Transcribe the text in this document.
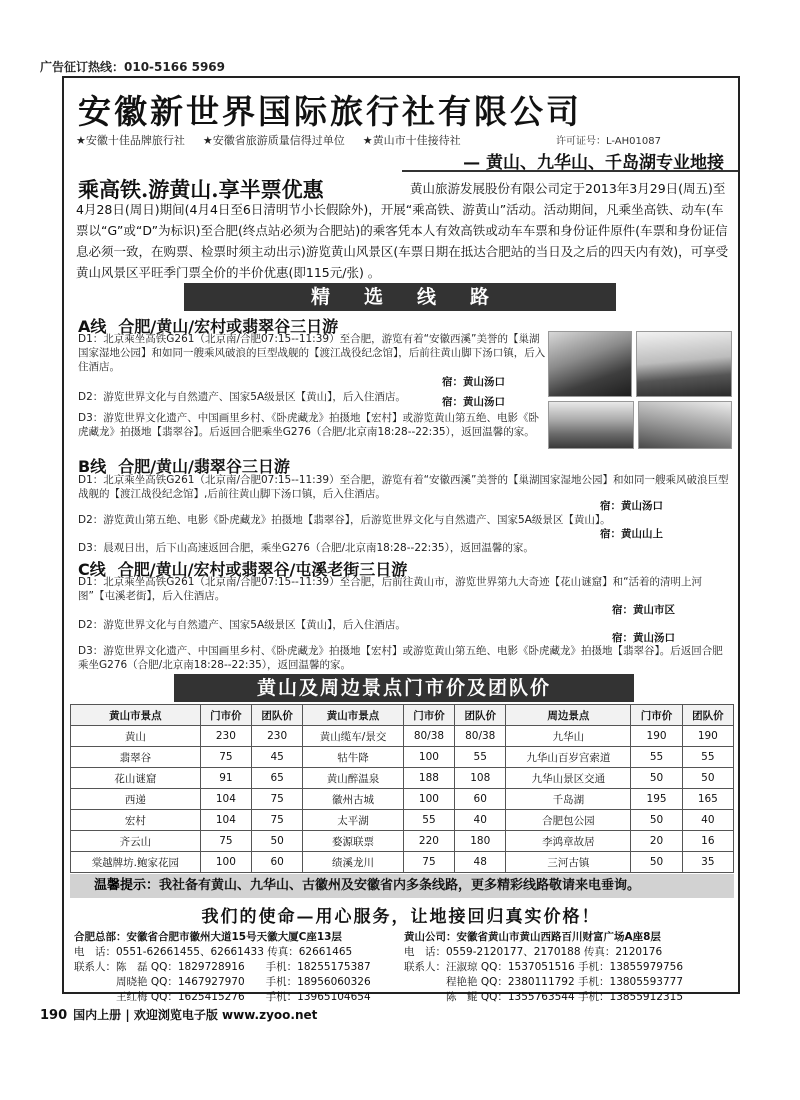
广告征订热线：010-5166 5969
安徽新世界国际旅行社有限公司
★安徽十佳品牌旅行社 ★安徽省旅游质量信得过单位 ★黄山市十佳接待社	许可证号：L-AH01087
— 黄山、九华山、千岛湖专业地接
乘高铁.游黄山.享半票优惠	黄山旅游发展股份有限公司定于2013年3月29日(周五)至4月28日(周日)期间(4月4日至6日清明节小长假除外)，开展“乘高铁、游黄山”活动。活动期间，凡乘坐高铁、动车(车票以“G”或“D”为标识)至合肥(终点站必须为合肥站)的乘客凭本人有效高铁或动车车票和身份证件原件(车票和身份证信息必须一致，在购票、检票时须主动出示)游览黄山风景区(车票日期在抵达合肥站的当日及之后的四天内有效)，可享受黄山风景区平旺季门票全价的半价优惠(即115元/张) 。
精选线路
A线 合肥/黄山/宏村或翡翠谷三日游
D1：北京乘坐高铁G261（北京南/合肥07:15--11:39）至合肥，游览有着“安徽西溪”美誉的【巢湖国家湿地公园】和如同一艘乘风破浪的巨型战舰的【渡江战役纪念馆】，后前往黄山脚下汤口镇，后入住酒店。
宿：黄山汤口
D2：游览世界文化与自然遗产、国家5A级景区【黄山】，后入住酒店。	宿：黄山汤口
D3：游览世界文化遗产、中国画里乡村、《卧虎藏龙》拍摄地【宏村】或游览黄山第五绝、电影《卧虎藏龙》拍摄地【翡翠谷】。后返回合肥乘坐G276（合肥/北京南18:28--22:35），返回温馨的家。
B线 合肥/黄山/翡翠谷三日游
D1：北京乘坐高铁G261（北京南/合肥07:15--11:39）至合肥，游览有着“安徽西溪”美誉的【巢湖国家湿地公园】和如同一艘乘风破浪巨型战舰的【渡江战役纪念馆】,后前往黄山脚下汤口镇，后入住酒店。
宿：黄山汤口
D2：游览黄山第五绝、电影《卧虎藏龙》拍摄地【翡翠谷】，后游览世界文化与自然遗产、国家5A级景区【黄山】。
宿：黄山山上
D3：晨观日出，后下山高速返回合肥，乘坐G276（合肥/北京南18:28--22:35），返回温馨的家。
C线 合肥/黄山/宏村或翡翠谷/屯溪老街三日游
D1：北京乘坐高铁G261（北京南/合肥07:15--11:39）至合肥，后前往黄山市，游览世界第九大奇迹【花山谜窟】和“活着的清明上河图”【屯溪老街】，后入住酒店。
宿：黄山市区
D2：游览世界文化与自然遗产、国家5A级景区【黄山】，后入住酒店。
宿：黄山汤口
D3：游览世界文化遗产、中国画里乡村、《卧虎藏龙》拍摄地【宏村】或游览黄山第五绝、电影《卧虎藏龙》拍摄地【翡翠谷】。后返回合肥乘坐G276（合肥/北京南18:28--22:35），返回温馨的家。
黄山及周边景点门市价及团队价
黄山市景点	门市价	团队价	黄山市景点	门市价	团队价	周边景点	门市价	团队价
黄山	230	230	黄山缆车/景交	80/38	80/38	九华山	190	190
翡翠谷	75	45	牯牛降	100	55	九华山百岁宫索道	55	55
花山谜窟	91	65	黄山醉温泉	188	108	九华山景区交通	50	50
西递	104	75	徽州古城	100	60	千岛湖	195	165
宏村	104	75	太平湖	55	40	合肥包公园	50	40
齐云山	75	50	婺源联票	220	180	李鸿章故居	20	16
棠越牌坊.鲍家花园	100	60	绩溪龙川	75	48	三河古镇	50	35
温馨提示：我社备有黄山、九华山、古徽州及安徽省内多条线路，更多精彩线路敬请来电垂询。
我们的使命—用心服务，让地接回归真实价格！
合肥总部：安徽省合肥市徽州大道15号天徽大厦C座13层
电　话：0551-62661455、62661433 传真：62661465
联系人：陈　磊 QQ：1829728916　　手机：18255175387
　　　　周晓艳 QQ：1467927970　　手机：18956060326
　　　　王红梅 QQ：1625415276　　手机：13965104654
黄山公司：安徽省黄山市黄山西路百川财富广场A座8层
电　话：0559-2120177、2170188 传真：2120176
联系人：汪淑琼 QQ：1537051516 手机：13855979756
　　　　程艳艳 QQ：2380111792 手机：13805593777
　　　　陈　鲲 QQ：1355763544 手机：13855912315
190 国内上册 | 欢迎浏览电子版 www.zyoo.net
